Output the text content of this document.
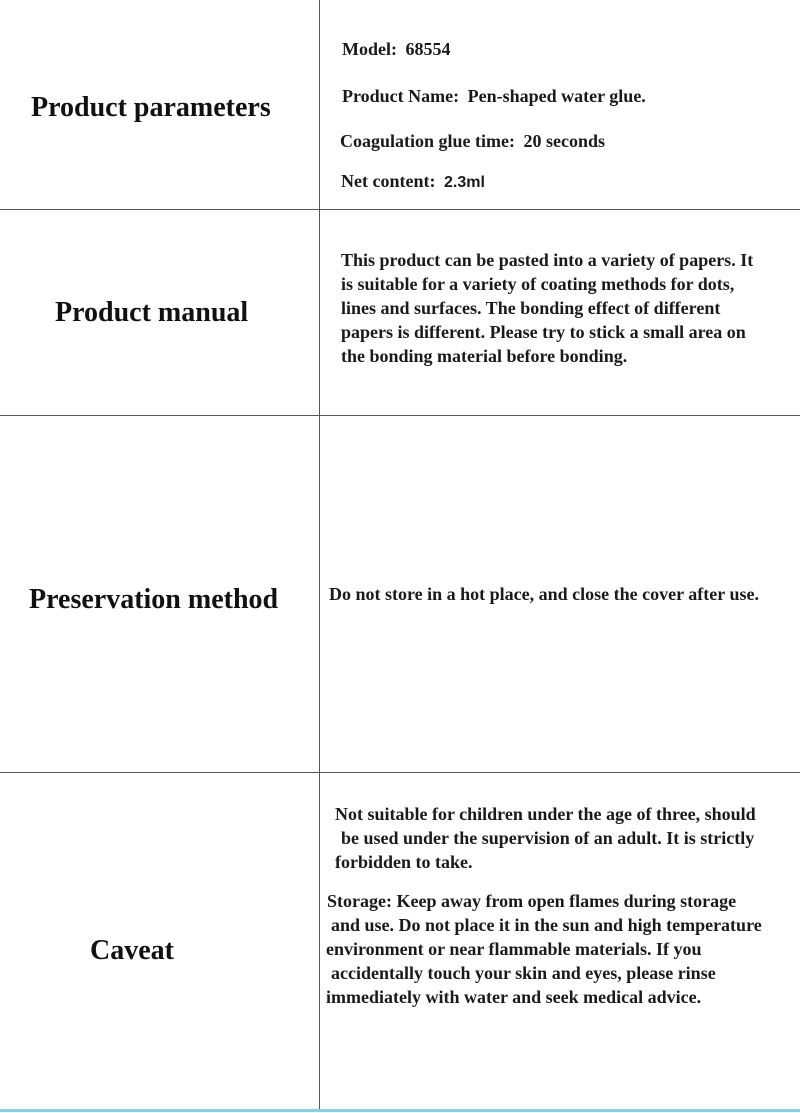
Product parameters
Model: 68554
Product Name: Pen-shaped water glue.
Coagulation glue time: 20 seconds
Net content: 2.3ml
Product manual
This product can be pasted into a variety of papers. It
is suitable for a variety of coating methods for dots,
lines and surfaces. The bonding effect of different
papers is different. Please try to stick a small area on
the bonding material before bonding.
Preservation method	Do not store in a hot place, and close the cover after use.
Caveat
Not suitable for children under the age of three, should
be used under the supervision of an adult. It is strictly
forbidden to take.
Storage: Keep away from open flames during storage
and use. Do not place it in the sun and high temperature
environment or near flammable materials. If you
accidentally touch your skin and eyes, please rinse
immediately with water and seek medical advice.
